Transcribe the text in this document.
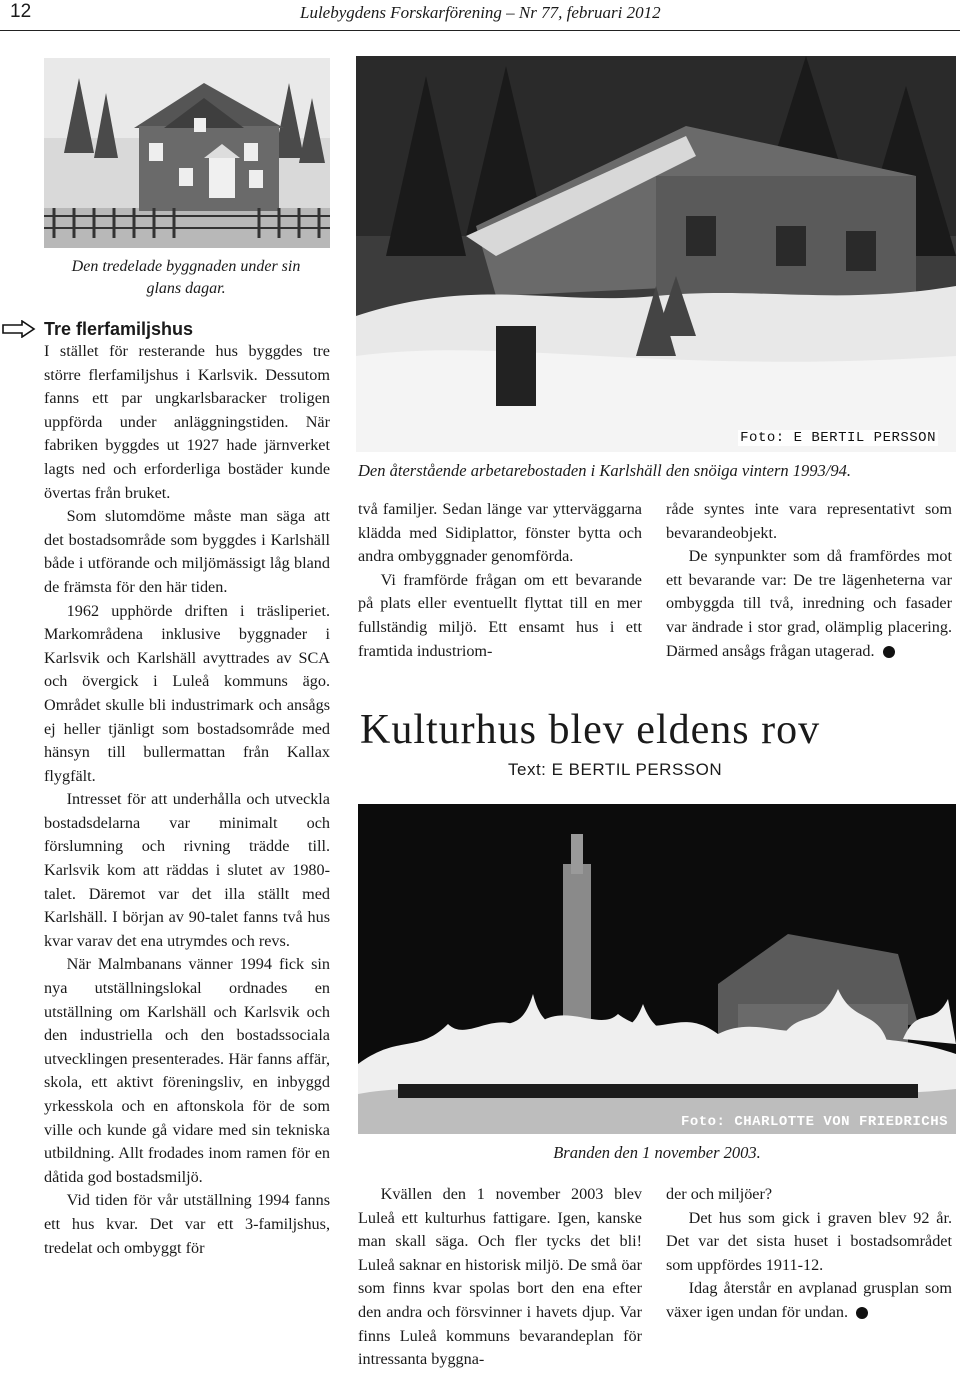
12	Lulebygdens Forskarförening – Nr 77, februari 2012
Den tredelade byggnaden under sin
glans dagar.
Tre flerfamiljshus

I stället för resterande hus byggdes tre större flerfamiljshus i Karlsvik. Dessutom fanns ett par ungkarlsbaracker troligen uppförda under anläggningstiden. När fabriken byggdes ut 1927 hade järnverket lagts ned och erforderliga bostäder kunde övertas från bruket.

Som slutomdöme måste man säga att det bostadsområde som byggdes i Karlshäll både i utförande och miljömässigt låg bland de främsta för den här tiden.

1962 upphörde driften i träsliperiet. Markområdena inklusive byggnader i Karlsvik och Karlshäll avyttrades av SCA och övergick i Luleå kommuns ägo. Området skulle bli industrimark och ansågs ej heller tjänligt som bostadsområde med hänsyn till bullermattan från Kallax flygfält.

Intresset för att underhålla och utveckla bostadsdelarna var minimalt och förslumning och rivning trädde till. Karlsvik kom att räddas i slutet av 1980-talet. Däremot var det illa ställt med Karlshäll. I början av 90-talet fanns två hus kvar varav det ena utrymdes och revs.

När Malmbanans vänner 1994 fick sin nya utställningslokal ordnades en utställning om Karlshäll och Karlsvik och den industriella och den bostadssociala utvecklingen presenterades. Här fanns affär, skola, ett aktivt föreningsliv, en inbyggd yrkesskola och en aftonskola för de som ville och kunde gå vidare med sin tekniska utbildning. Allt frodades inom ramen för en dåtida god bostadsmiljö.

Vid tiden för vår utställning 1994 fanns ett hus kvar. Det var ett 3-familjshus, tredelat och ombyggt för

Foto: E BERTIL PERSSON
Den återstående arbetarebostaden i Karlshäll den snöiga vintern 1993/94.

två familjer. Sedan länge var ytterväggarna klädda med Sidiplattor, fönster bytta och andra ombyggnader genomförda.

Vi framförde frågan om ett bevarande på plats eller eventuellt flyttat till en mer fullständig miljö. Ett ensamt hus i ett framtida industriom-

råde syntes inte vara representativt som bevarandeobjekt.

De synpunkter som då framfördes mot ett bevarande var: De tre lägenheterna var ombyggda till två, inredning och fasader var ändrade i stor grad, olämplig placering. Därmed ansågs frågan utagerad.

Kulturhus blev eldens rov
Text: E BERTIL PERSSON
Foto: CHARLOTTE VON FRIEDRICHS
Branden den 1 november 2003.

Kvällen den 1 november 2003 blev Luleå ett kulturhus fattigare. Igen, kanske man skall säga. Och fler tycks det bli! Luleå saknar en historisk miljö. De små öar som finns kvar spolas bort den ena efter den andra och försvinner i havets djup. Var finns Luleå kommuns bevarandeplan för intressanta byggna-

der och miljöer?

Det hus som gick i graven blev 92 år. Det var det sista huset i bostadsområdet som uppfördes 1911-12.

Idag återstår en avplanad grusplan som växer igen undan för undan.
